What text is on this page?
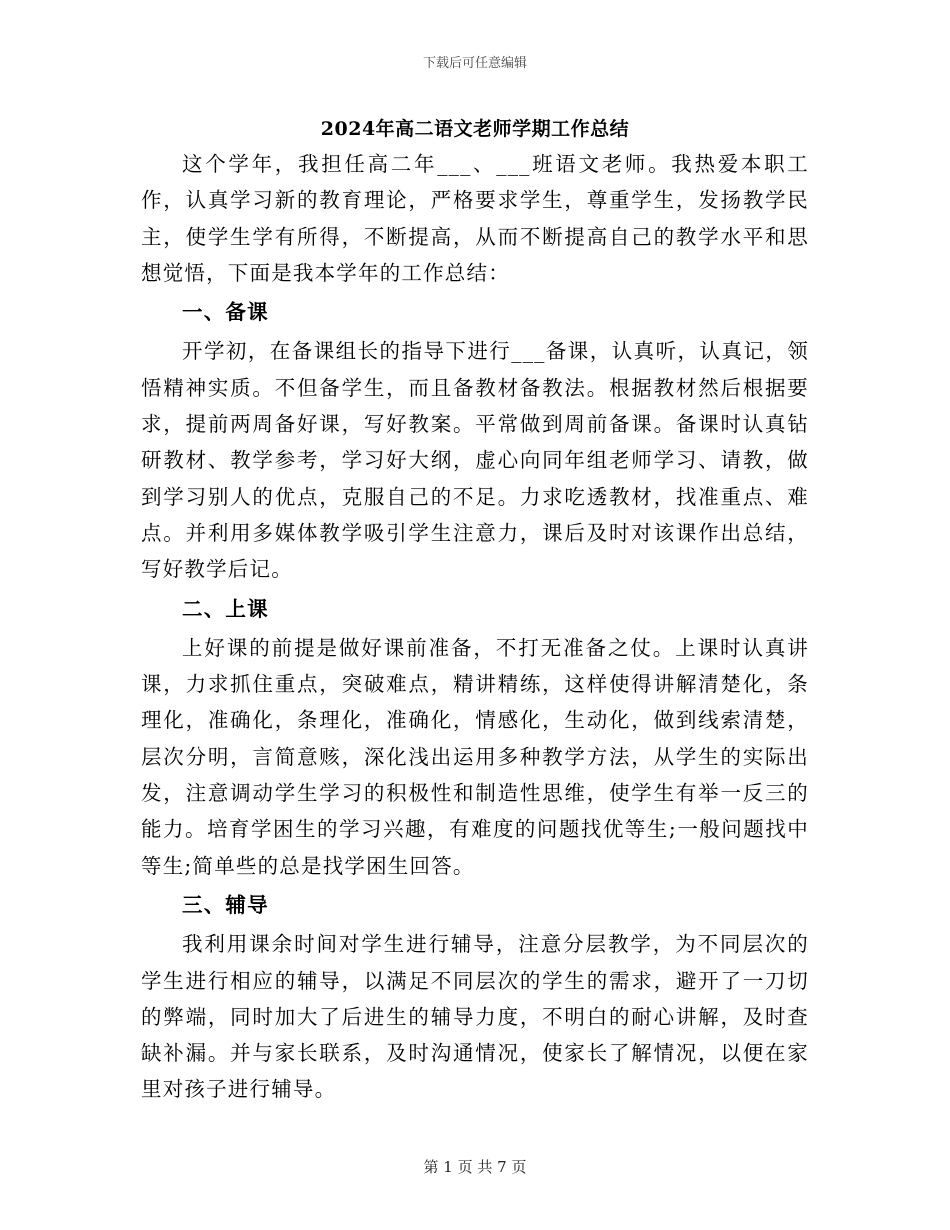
下载后可任意编辑
2024年高二语文老师学期工作总结

这个学年，我担任高二年___、___班语文老师。我热爱本职工作，认真学习新的教育理论，严格要求学生，尊重学生，发扬教学民主，使学生学有所得，不断提高，从而不断提高自己的教学水平和思想觉悟，下面是我本学年的工作总结：

一、备课

开学初，在备课组长的指导下进行___备课，认真听，认真记，领悟精神实质。不但备学生，而且备教材备教法。根据教材然后根据要求，提前两周备好课，写好教案。平常做到周前备课。备课时认真钻研教材、教学参考，学习好大纲，虚心向同年组老师学习、请教，做到学习别人的优点，克服自己的不足。力求吃透教材，找准重点、难点。并利用多媒体教学吸引学生注意力，课后及时对该课作出总结，写好教学后记。

二、上课

上好课的前提是做好课前准备，不打无准备之仗。上课时认真讲课，力求抓住重点，突破难点，精讲精练，这样使得讲解清楚化，条理化，准确化，条理化，准确化，情感化，生动化，做到线索清楚，层次分明，言简意赅，深化浅出运用多种教学方法，从学生的实际出发，注意调动学生学习的积极性和制造性思维，使学生有举一反三的能力。培育学困生的学习兴趣，有难度的问题找优等生;一般问题找中等生;简单些的总是找学困生回答。

三、辅导

我利用课余时间对学生进行辅导，注意分层教学，为不同层次的学生进行相应的辅导，以满足不同层次的学生的需求，避开了一刀切的弊端，同时加大了后进生的辅导力度，不明白的耐心讲解，及时查缺补漏。并与家长联系，及时沟通情况，使家长了解情况，以便在家里对孩子进行辅导。

第 1 页 共 7 页
